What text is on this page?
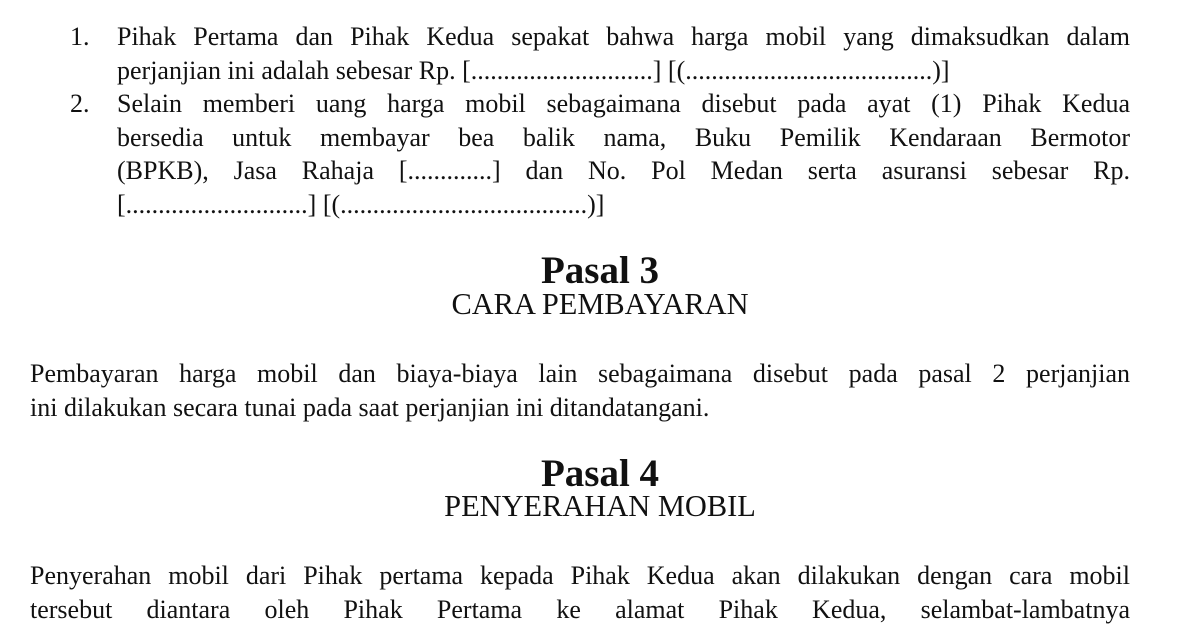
1. Pihak Pertama dan Pihak Kedua sepakat bahwa harga mobil yang dimaksudkan dalam
perjanjian ini adalah sebesar Rp. [............................] [(......................................)]
2. Selain memberi uang harga mobil sebagaimana disebut pada ayat (1) Pihak Kedua
bersedia untuk membayar bea balik nama, Buku Pemilik Kendaraan Bermotor
(BPKB), Jasa Rahaja [.............] dan No. Pol Medan serta asuransi sebesar Rp.
[............................] [(......................................)]
Pasal 3
CARA PEMBAYARAN

Pembayaran harga mobil dan biaya-biaya lain sebagaimana disebut pada pasal 2 perjanjian
ini dilakukan secara tunai pada saat perjanjian ini ditandatangani.

Pasal 4
PENYERAHAN MOBIL

Penyerahan mobil dari Pihak pertama kepada Pihak Kedua akan dilakukan dengan cara mobil
tersebut diantara oleh Pihak Pertama ke alamat Pihak Kedua, selambat-lambatnya
